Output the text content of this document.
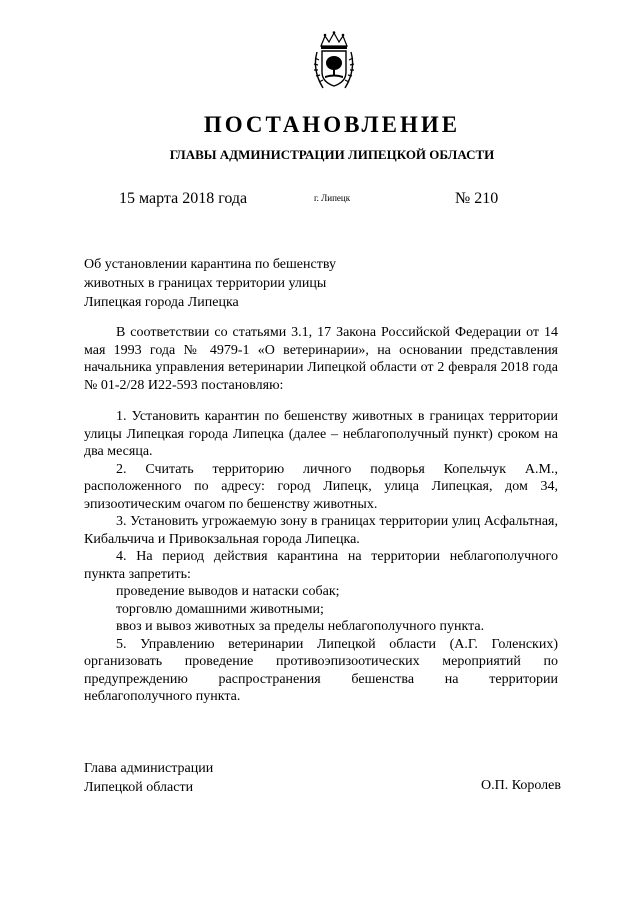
ПОСТАНОВЛЕНИЕ
ГЛАВЫ АДМИНИСТРАЦИИ ЛИПЕЦКОЙ ОБЛАСТИ
15 марта 2018 года	г. Липецк	№ 210
Об установлении карантина по бешенству
животных в границах территории улицы
Липецкая города Липецка

В соответствии со статьями 3.1, 17 Закона Российской Федерации от 14 мая 1993 года № 4979-1 «О ветеринарии», на основании представления начальника управления ветеринарии Липецкой области от 2 февраля 2018 года № 01-2/28 И22-593 постановляю:

1. Установить карантин по бешенству животных в границах территории улицы Липецкая города Липецка (далее – неблагополучный пункт) сроком на два месяца.

2. Считать территорию личного подворья Копельчук А.М., расположенного по адресу: город Липецк, улица Липецкая, дом 34, эпизоотическим очагом по бешенству животных.

3. Установить угрожаемую зону в границах территории улиц Асфальтная, Кибальчича и Привокзальная города Липецка.

4. На период действия карантина на территории неблагополучного пункта запретить:

проведение выводов и натаски собак;

торговлю домашними животными;

ввоз и вывоз животных за пределы неблагополучного пункта.

5. Управлению ветеринарии Липецкой области (А.Г. Голенских) организовать проведение противоэпизоотических мероприятий по предупреждению распространения бешенства на территории неблагополучного пункта.

Глава администрации
Липецкой области	О.П. Королев
